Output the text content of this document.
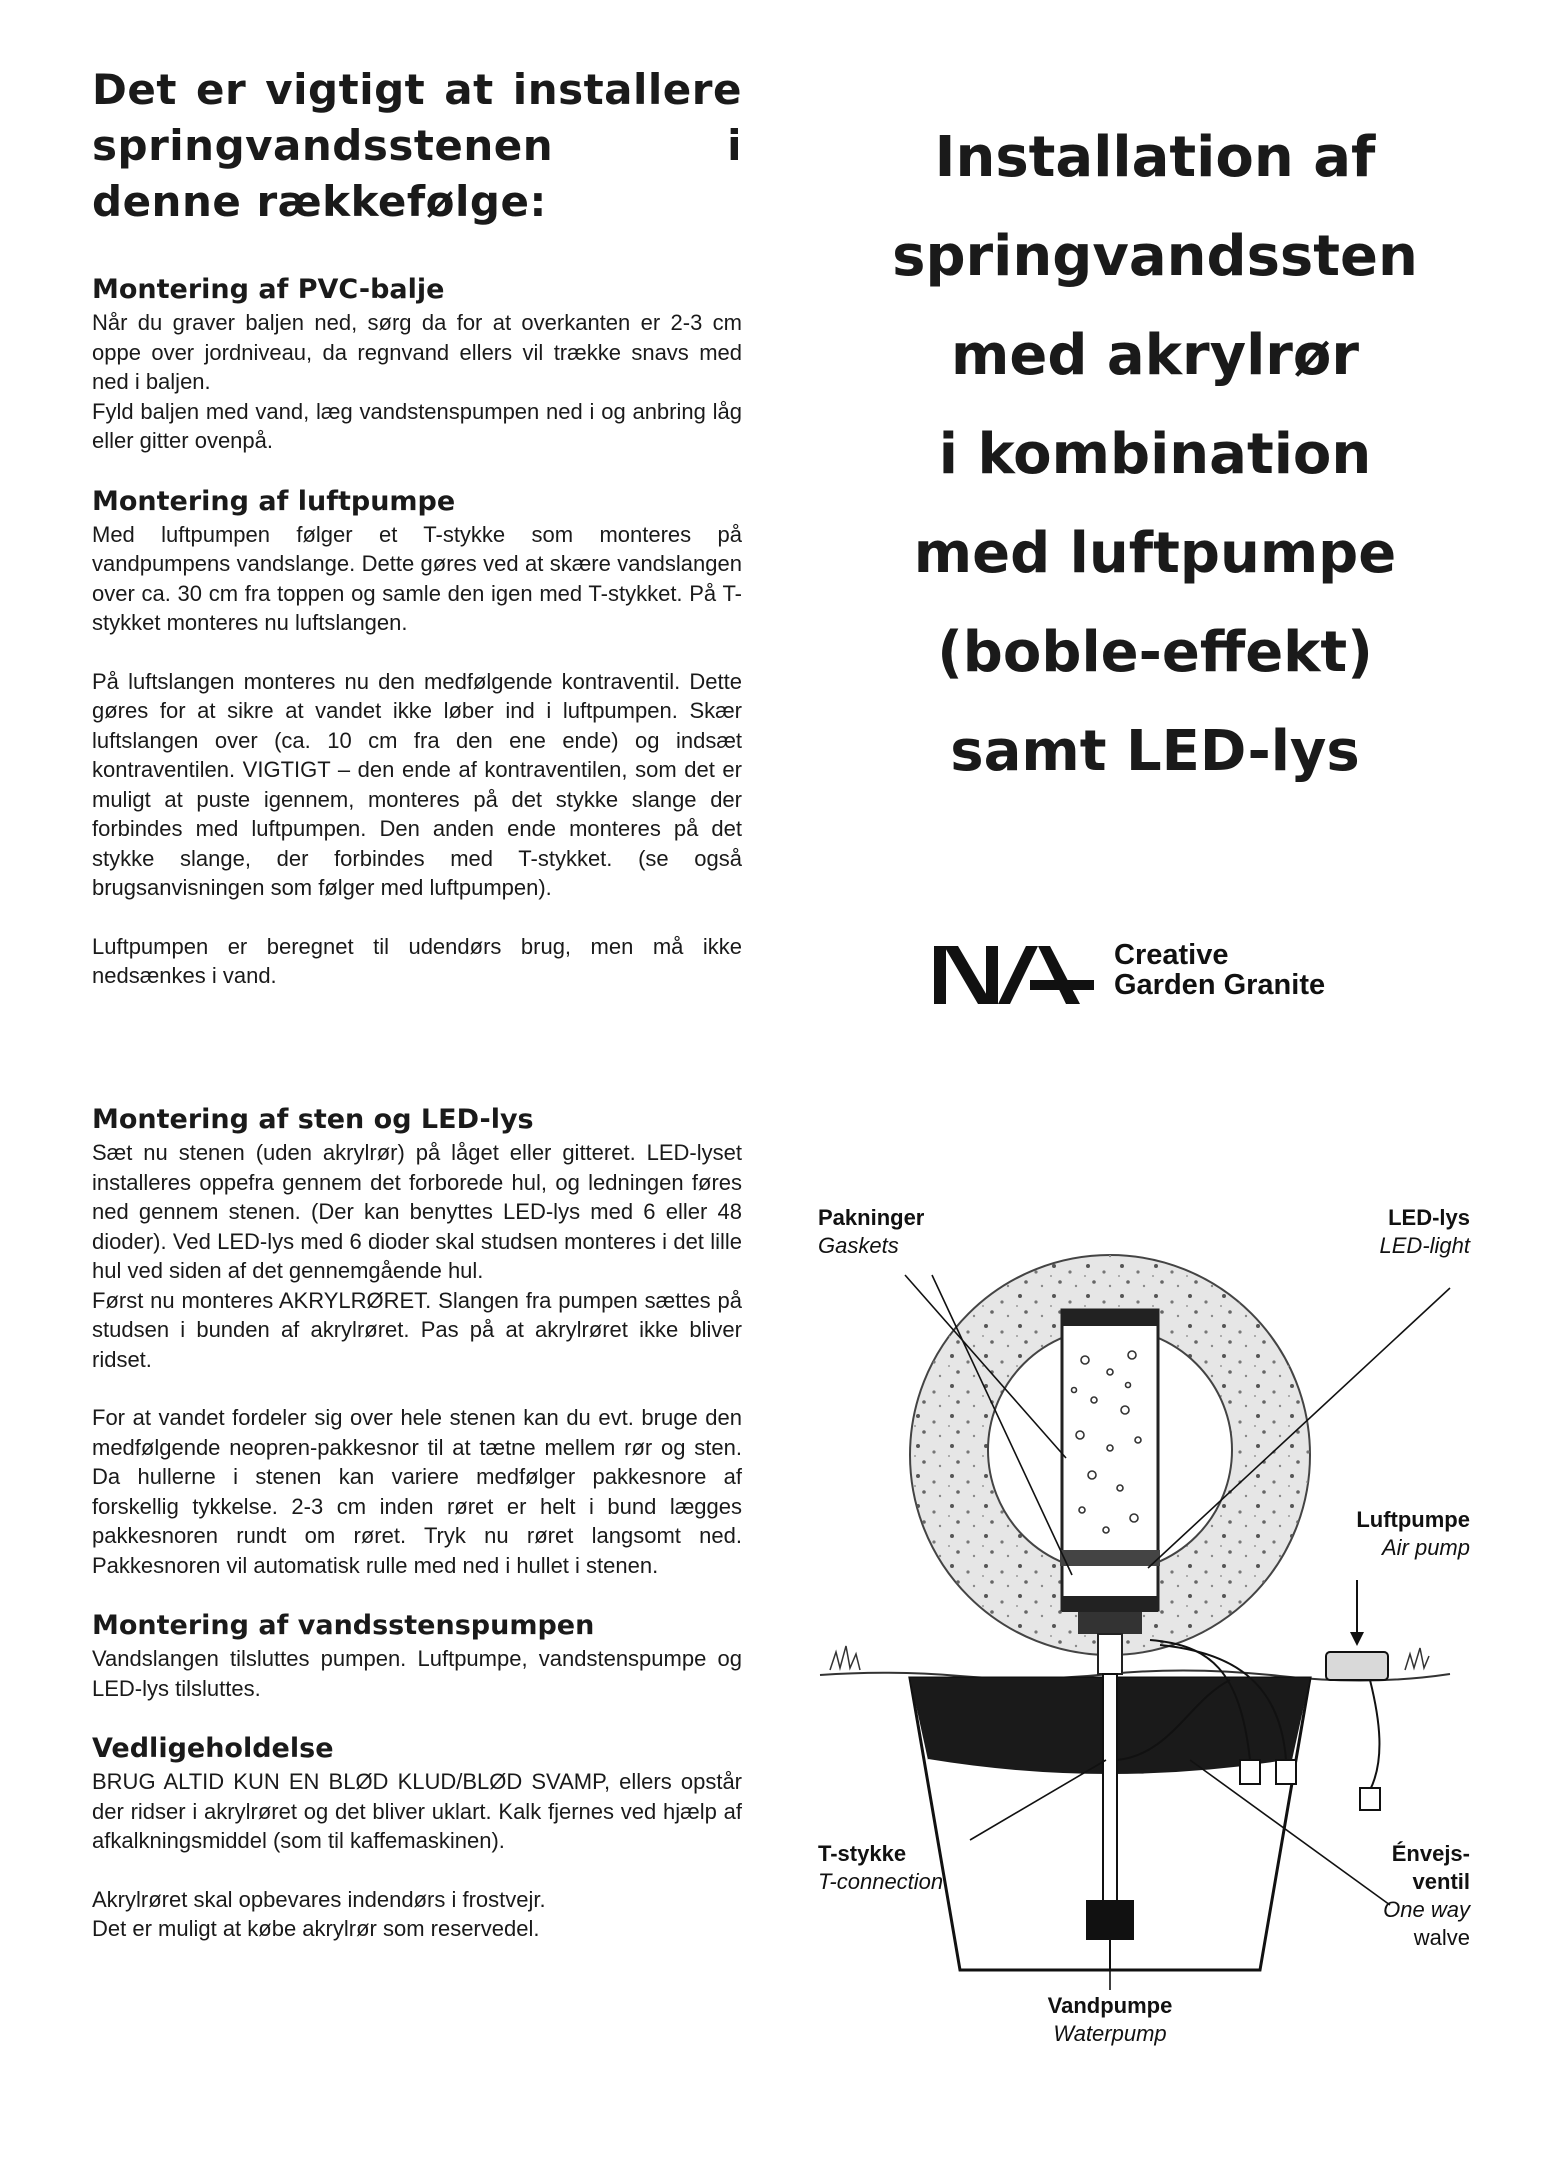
Det er vigtigt at installere springvandsstenen i denne rækkefølge:
Montering af PVC-balje

Når du graver baljen ned, sørg da for at overkanten er 2-3 cm oppe over jordniveau, da regnvand ellers vil trække snavs med ned i baljen.
Fyld baljen med vand, læg vandstenspumpen ned i og anbring låg eller gitter ovenpå.

Montering af luftpumpe

Med luftpumpen følger et T-stykke som monteres på vandpumpens vandslange. Dette gøres ved at skære vandslangen over ca. 30 cm fra toppen og samle den igen med T-stykket. På T-stykket monteres nu luftslangen.

På luftslangen monteres nu den medfølgende kontraventil. Dette gøres for at sikre at vandet ikke løber ind i luftpumpen. Skær luftslangen over (ca. 10 cm fra den ene ende) og indsæt kontraventilen. VIGTIGT – den ende af kontraventilen, som det er muligt at puste igennem, monteres på det stykke slange der forbindes med luftpumpen. Den anden ende monteres på det stykke slange, der forbindes med T-stykket. (se også brugsanvisningen som følger med luftpumpen).

Luftpumpen er beregnet til udendørs brug, men må ikke nedsænkes i vand.

Montering af sten og LED-lys

Sæt nu stenen (uden akrylrør) på låget eller gitteret. LED-lyset installeres oppefra gennem det forborede hul, og ledningen føres ned gennem stenen. (Der kan benyttes LED-lys med 6 eller 48 dioder). Ved LED-lys med 6 dioder skal studsen monteres i det lille hul ved siden af det gennemgående hul.
Først nu monteres AKRYLRØRET. Slangen fra pumpen sættes på studsen i bunden af akrylrøret. Pas på at akrylrøret ikke bliver ridset.

For at vandet fordeler sig over hele stenen kan du evt. bruge den medfølgende neopren-pakkesnor til at tætne mellem rør og sten. Da hullerne i stenen kan variere medfølger pakkesnore af forskellig tykkelse. 2-3 cm inden røret er helt i bund lægges pakkesnoren rundt om røret. Tryk nu røret langsomt ned. Pakkesnoren vil automatisk rulle med ned i hullet i stenen.

Montering af vandsstenspumpen

Vandslangen tilsluttes pumpen. Luftpumpe, vandstenspumpe og LED-lys tilsluttes.

Vedligeholdelse

BRUG ALTID KUN EN BLØD KLUD/BLØD SVAMP, ellers opstår der ridser i akrylrøret og det bliver uklart. Kalk fjernes ved hjælp af afkalkningsmiddel (som til kaffemaskinen).

Akrylrøret skal opbevares indendørs i frostvejr.
Det er muligt at købe akrylrør som reservedel.

Installation af
springvandssten
med akrylrør
i kombination
med luftpumpe
(boble-effekt)
samt LED-lys
Creative
Garden Granite
Pakninger
Gaskets
LED-lys
LED-light
Luftpumpe
Air pump
T-stykke
T-connection
Énvejs-
ventil
One way
walve
Vandpumpe
Waterpump
